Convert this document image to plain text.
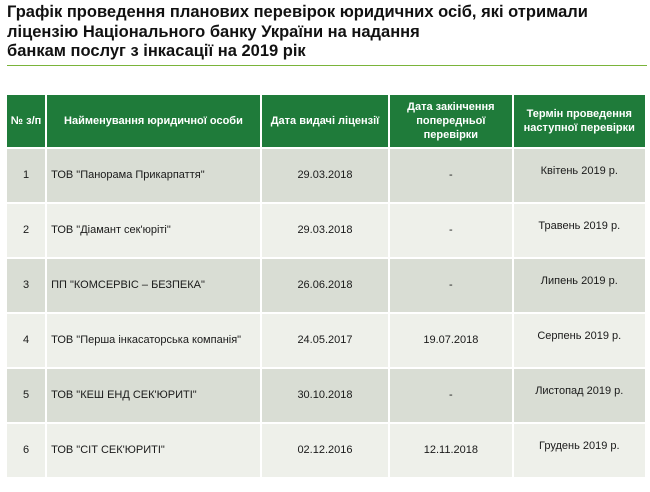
Графік проведення планових перевірок юридичних осіб, які отримали
ліцензію Національного банку України на надання
банкам послуг з інкасації на 2019 рік
№ з/п	Найменування юридичної особи	Дата видачі ліцензії	Дата закінчення попередньої перевірки	Термін проведення наступної перевірки
1	ТОВ "Панорама Прикарпаття"	29.03.2018	-	Квітень 2019 р.
2	ТОВ "Діамант сек'юріті"	29.03.2018	-	Травень 2019 р.
3	ПП "КОМСЕРВІС – БЕЗПЕКА"	26.06.2018	-	Липень 2019 р.
4	ТОВ "Перша інкасаторська компанія"	24.05.2017	19.07.2018	Серпень 2019 р.
5	ТОВ "КЕШ ЕНД СЕК'ЮРИТІ"	30.10.2018	-	Листопад 2019 р.
6	ТОВ "СІТ СЕК'ЮРИТІ"	02.12.2016	12.11.2018	Грудень 2019 р.
